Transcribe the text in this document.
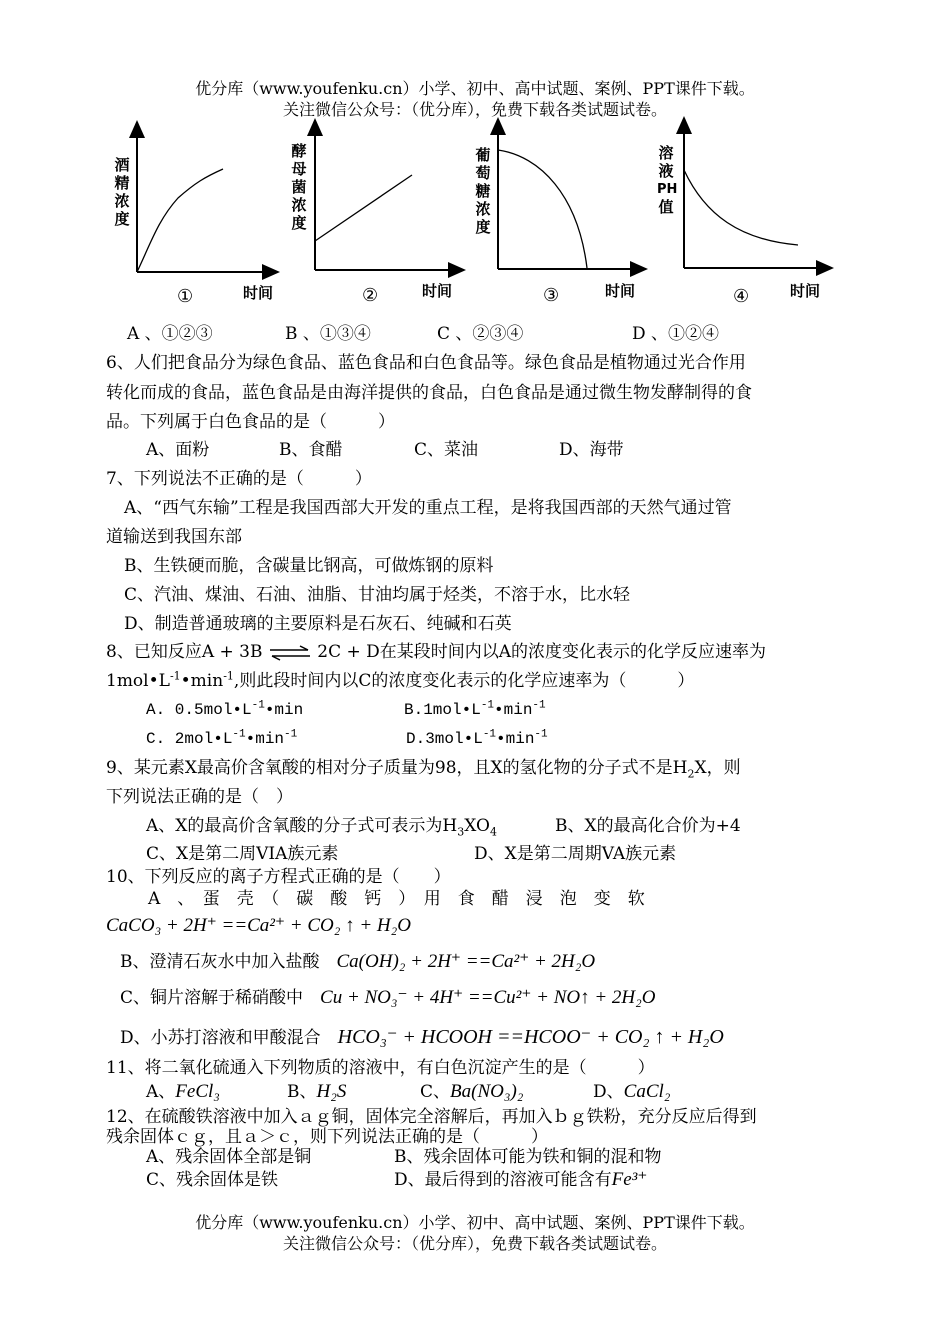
优分库（www.youfenku.cn）小学、初中、高中试题、案例、PPT课件下载。
关注微信公众号：（优分库），免费下载各类试题试卷。
酒
精
浓
度
①	时间
酵
母
菌
浓
度
②	时间
葡
萄
糖
浓
度
③	时间
溶
液
PH
值
④	时间
A 、①②③	B 、①③④	C 、②③④	D 、①②④
6、人们把食品分为绿色食品、蓝色食品和白色食品等。绿色食品是植物通过光合作用
转化而成的食品，蓝色食品是由海洋提供的食品，白色食品是通过微生物发酵制得的食
品。下列属于白色食品的是（　　　）
A、面粉	B、食醋	C、菜油	D、海带
7、下列说法不正确的是（　　　）
A、“西气东输”工程是我国西部大开发的重点工程，是将我国西部的天然气通过管
道输送到我国东部
B、生铁硬而脆，含碳量比钢高，可做炼钢的原料
C、汽油、煤油、石油、油脂、甘油均属于烃类，不溶于水，比水轻
D、制造普通玻璃的主要原料是石灰石、纯碱和石英
8、已知反应A + 3B ⇌ 2C + D在某段时间内以A的浓度变化表示的化学反应速率为
$1mol•L^{-1}•\min^{-1}$,则此段时间内以C的浓度变化表示的化学应速率为（　　　）
A. $0.5mol•L^{-1}•\min$	$B.1mol•L^{-1}•\min^{-1}$
C. $2mol•L^{-1}•\min^{-1}$	$D.3mol•L^{-1}•\min^{-1}$
9、某元素X最高价含氧酸的相对分子质量为98，且X的氢化物的分子式不是$H_2X$，则
下列说法正确的是（　）
A、X的最高价含氧酸的分子式可表示为$H_3XO_4$	B、X的最高化合价为+4
C、X是第二周VIA族元素	D、X是第二周期VA族元素
10、下列反应的离子方程式正确的是（　　）
A　、　蛋　壳　（　碳　酸　钙　）　用　食　醋　浸　泡　变　软
CaCO₃ + 2H⁺ ==Ca²⁺ + CO₂ ↑ + H₂O
B、澄清石灰水中加入盐酸　 Ca(OH)₂ + 2H⁺ ==Ca²⁺ + 2H₂O
C、铜片溶解于稀硝酸中　 Cu + NO₃⁻ + 4H⁺ ==Cu²⁺ + NO↑ + 2H₂O
D、小苏打溶液和甲酸混合　 HCO₃⁻ + HCOOH ==HCOO⁻ + CO₂ ↑ + H₂O
11、将二氧化硫通入下列物质的溶液中，有白色沉淀产生的是（　　　）
A、FeCl₃	B、H₂S	C、Ba(NO₃)₂	D、CaCl₂
12、在硫酸铁溶液中加入ａｇ铜，固体完全溶解后，再加入ｂｇ铁粉，充分反应后得到
残余固体ｃｇ，且ａ＞ｃ，则下列说法正确的是（　　　）
A、残余固体全部是铜	B、残余固体可能为铁和铜的混和物
C、残余固体是铁	D、最后得到的溶液可能含有Fe³⁺
优分库（www.youfenku.cn）小学、初中、高中试题、案例、PPT课件下载。
关注微信公众号：（优分库），免费下载各类试题试卷。
